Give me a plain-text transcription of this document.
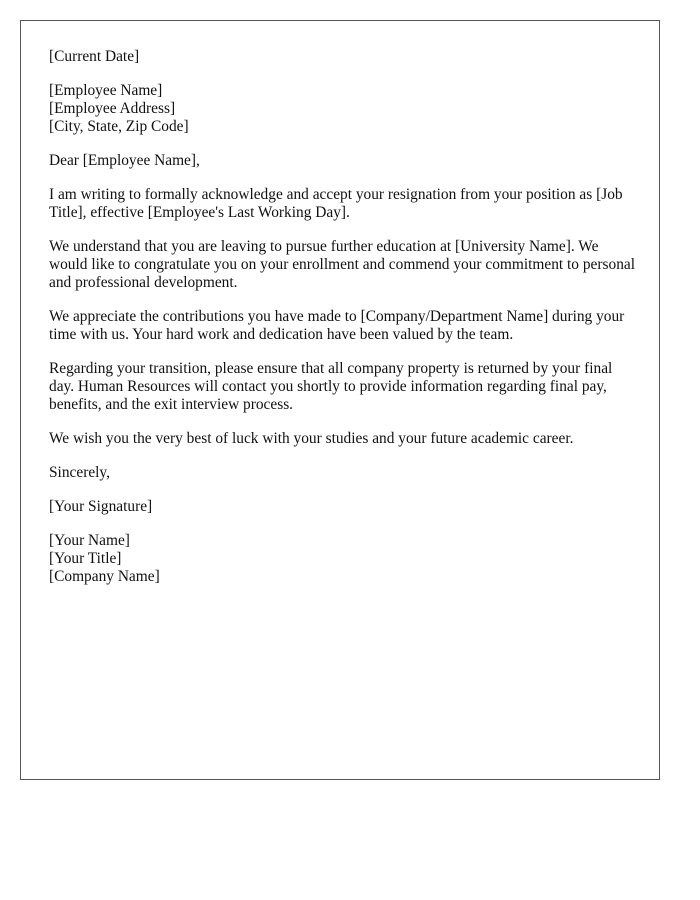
[Current Date]
[Employee Name]
[Employee Address]
[City, State, Zip Code]
Dear [Employee Name],

I am writing to formally acknowledge and accept your resignation from your position as [Job Title], effective [Employee's Last Working Day].

We understand that you are leaving to pursue further education at [University Name]. We would like to congratulate you on your enrollment and commend your commitment to personal and professional development.

We appreciate the contributions you have made to [Company/Department Name] during your time with us. Your hard work and dedication have been valued by the team.

Regarding your transition, please ensure that all company property is returned by your final day. Human Resources will contact you shortly to provide information regarding final pay, benefits, and the exit interview process.

We wish you the very best of luck with your studies and your future academic career.

Sincerely,
[Your Signature]
[Your Name]
[Your Title]
[Company Name]
